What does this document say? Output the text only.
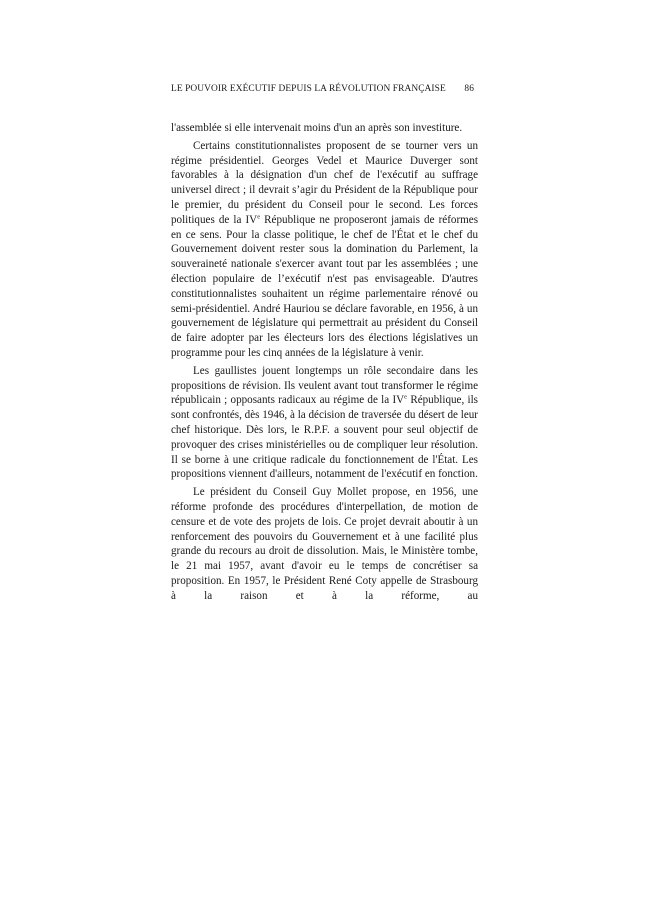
LE POUVOIR EXÉCUTIF DEPUIS LA RÉVOLUTION FRANÇAISE 86

l'assemblée si elle intervenait moins d'un an après son investiture.

Certains constitutionnalistes proposent de se tourner vers un régime présidentiel. Georges Vedel et Maurice Duverger sont favorables à la désignation d'un chef de l'exécutif au suffrage universel direct ; il devrait s’agir du Président de la République pour le premier, du président du Conseil pour le second. Les forces politiques de la IVe République ne proposeront jamais de réformes en ce sens. Pour la classe politique, le chef de l'État et le chef du Gouvernement doivent rester sous la domination du Parlement, la souveraineté nationale s'exercer avant tout par les assemblées ; une élection populaire de l’exécutif n'est pas envisageable. D'autres constitutionnalistes souhaitent un régime parlementaire rénové ou semi-présidentiel. André Hauriou se déclare favorable, en 1956, à un gouvernement de législature qui permettrait au président du Conseil de faire adopter par les électeurs lors des élections législatives un programme pour les cinq années de la législature à venir.

Les gaullistes jouent longtemps un rôle secondaire dans les propositions de révision. Ils veulent avant tout transformer le régime républicain ; opposants radicaux au régime de la IVe République, ils sont confrontés, dès 1946, à la décision de traversée du désert de leur chef historique. Dès lors, le R.P.F. a souvent pour seul objectif de provoquer des crises ministérielles ou de compliquer leur résolution. Il se borne à une critique radicale du fonctionnement de l'État. Les propositions viennent d'ailleurs, notamment de l'exécutif en fonction.

Le président du Conseil Guy Mollet propose, en 1956, une réforme profonde des procédures d'interpellation, de motion de censure et de vote des projets de lois. Ce projet devrait aboutir à un renforcement des pouvoirs du Gouvernement et à une facilité plus grande du recours au droit de dissolution. Mais, le Ministère tombe, le 21 mai 1957, avant d'avoir eu le temps de concrétiser sa proposition. En 1957, le Président René Coty appelle de Strasbourg à la raison et à la réforme, au
